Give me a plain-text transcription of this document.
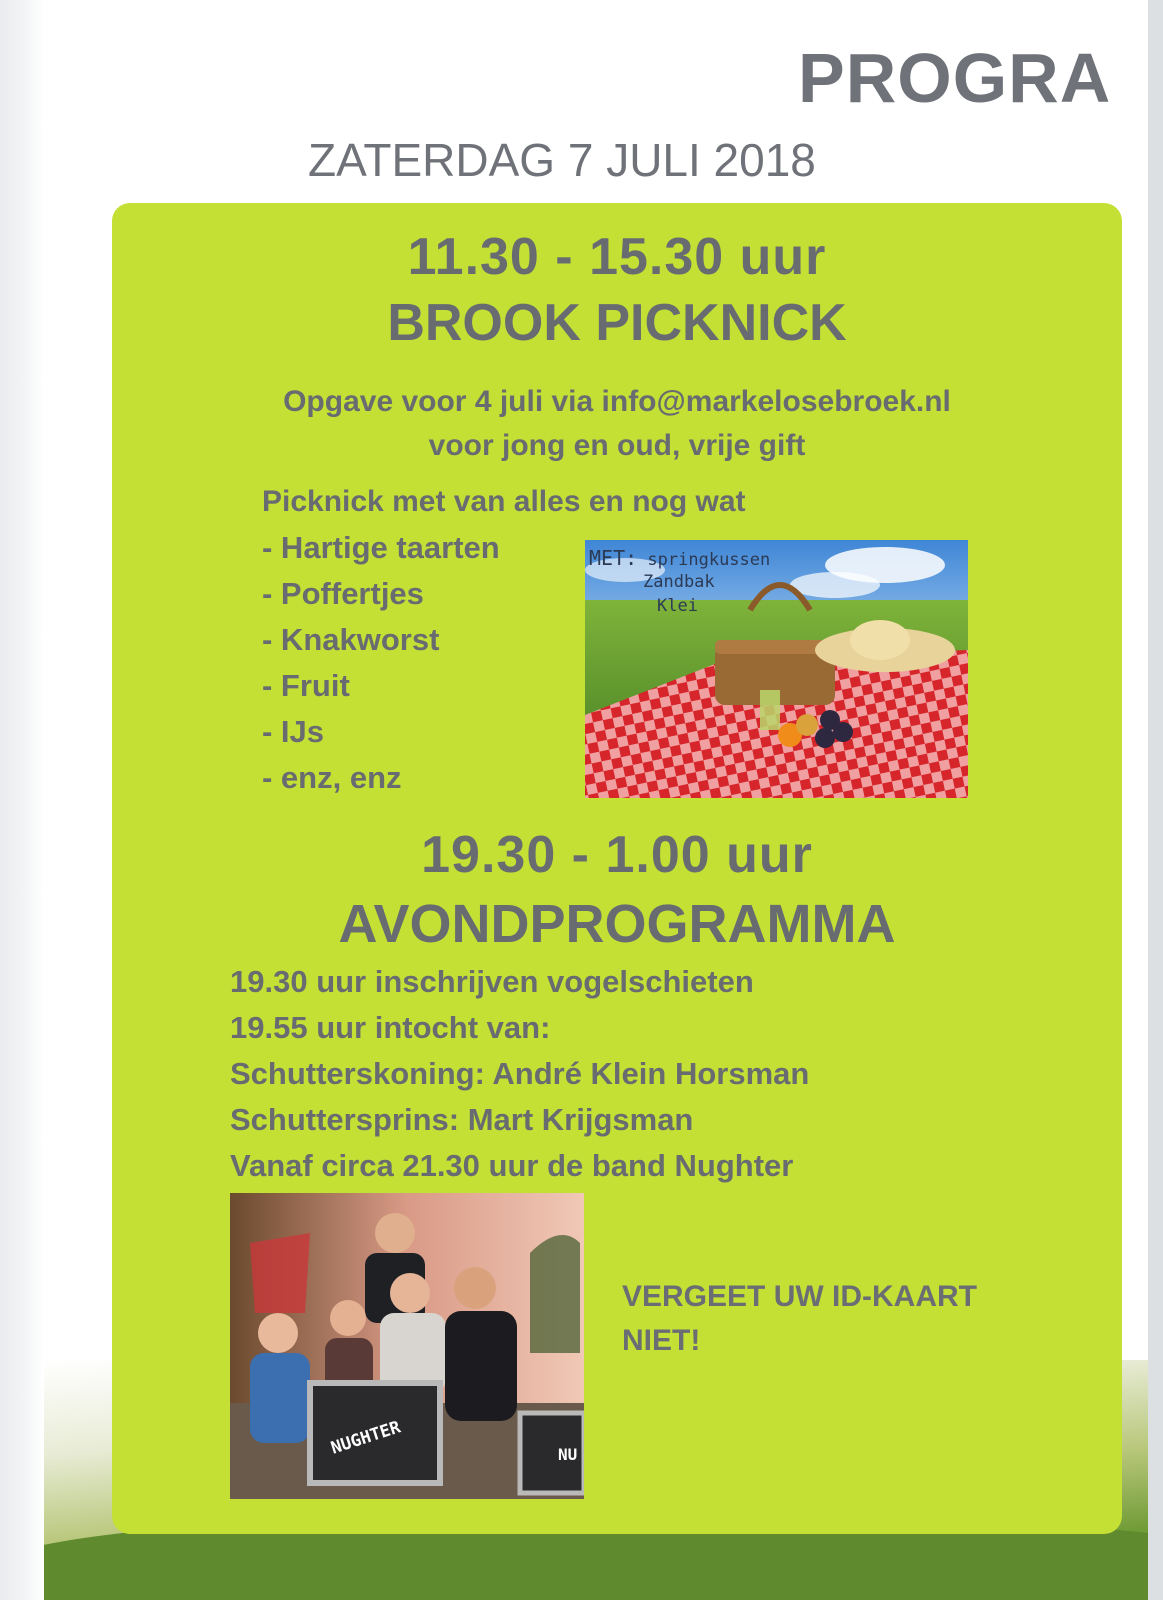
PROGRA
ZATERDAG 7 JULI 2018
11.30 - 15.30 uur
BROOK PICKNICK
Opgave voor 4 juli via info@markelosebroek.nl
voor jong en oud, vrije gift
Picknick met van alles en nog wat
- Hartige taarten
- Poffertjes
- Knakworst
- Fruit
- IJs
- enz, enz
MET: springkussen
Zandbak
Klei
19.30 - 1.00 uur
AVONDPROGRAMMA
19.30 uur inschrijven vogelschieten
19.55 uur intocht van:
Schutterskoning: André Klein Horsman
Schuttersprins: Mart Krijgsman
Vanaf circa 21.30 uur de band Nughter
NUGHTER	NU
VERGEET UW ID-KAART
NIET!
